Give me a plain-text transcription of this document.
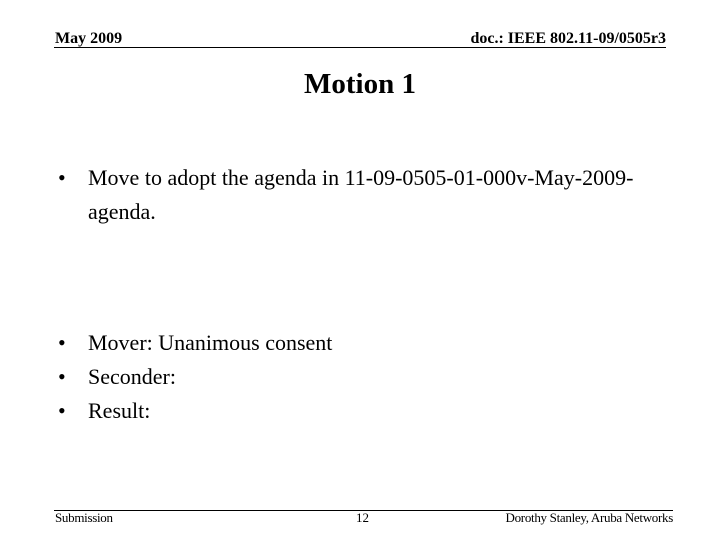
May 2009	doc.: IEEE 802.11-09/0505r3
Motion 1
• Move to adopt the agenda in 11-09-0505-01-000v-May-2009-agenda.
• Mover: Unanimous consent
• Seconder:
• Result:
Submission	12	Dorothy Stanley, Aruba Networks
